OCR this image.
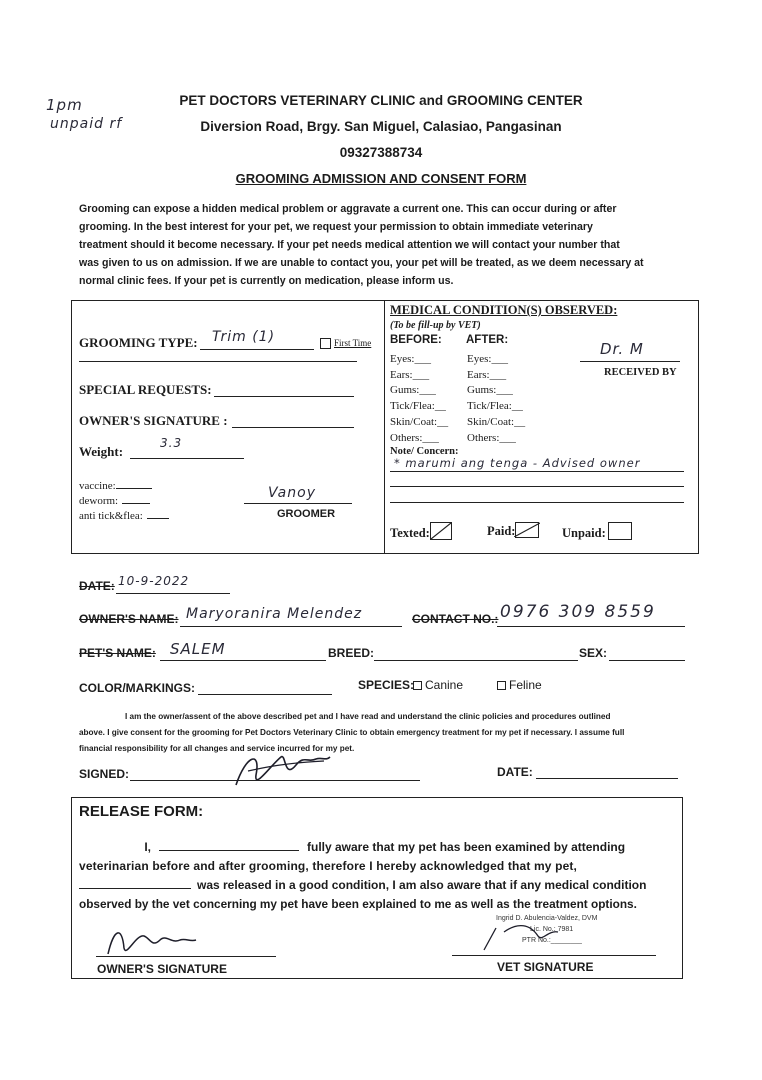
1pm
unpaid rf
PET DOCTORS VETERINARY CLINIC and GROOMING CENTER
Diversion Road, Brgy. San Miguel, Calasiao, Pangasinan
09327388734
GROOMING ADMISSION AND CONSENT FORM
Grooming can expose a hidden medical problem or aggravate a current one. This can occur during or after
grooming. In the best interest for your pet, we request your permission to obtain immediate veterinary
treatment should it become necessary. If your pet needs medical attention we will contact your number that
was given to us on admission. If we are unable to contact you, your pet will be treated, as we deem necessary at
normal clinic fees. If your pet is currently on medication, please inform us.
GROOMING TYPE: Trim (1)	First Time
SPECIAL REQUESTS:
OWNER'S SIGNATURE :
Weight:
3.3
vaccine:
deworm:
anti tick&flea:
Vanoy
GROOMER
MEDICAL CONDITION(S) OBSERVED:
(To be fill-up by VET)
BEFORE: AFTER:
Eyes:___	Eyes:___
Ears:___	Ears:___
Gums:___	Gums:___
Tick/Flea:__ Tick/Flea:__
Skin/Coat:__ Skin/Coat:__
Others:___	Others:___
Dr. M
RECEIVED BY
Note/ Concern:
* marumi ang tenga - Advised owner
Texted:	Paid:	Unpaid:
DATE: 10-9-2022
OWNER'S NAME: Maryoranira Melendez	CONTACT NO.: 0976 309 8559
PET'S NAME: SALEM	BREED:	SEX:
COLOR/MARKINGS:	SPECIES: Canine	Feline
I am the owner/assent of the above described pet and I have read and understand the clinic policies and procedures outlined
above. I give consent for the grooming for Pet Doctors Veterinary Clinic to obtain emergency treatment for my pet if necessary. I assume full
financial responsibility for all changes and service incurred for my pet.
SIGNED:	DATE:
RELEASE FORM:
I,	fully aware that my pet has been examined by attending
veterinarian before and after grooming, therefore I hereby acknowledged that my pet,
was released in a good condition, I am also aware that if any medical condition
observed by the vet concerning my pet have been explained to me as well as the treatment options.
Ingrid D. Abulencia-Valdez, DVM
Lic. No.: 7981
PTR No.:________
OWNER'S SIGNATURE	VET SIGNATURE
